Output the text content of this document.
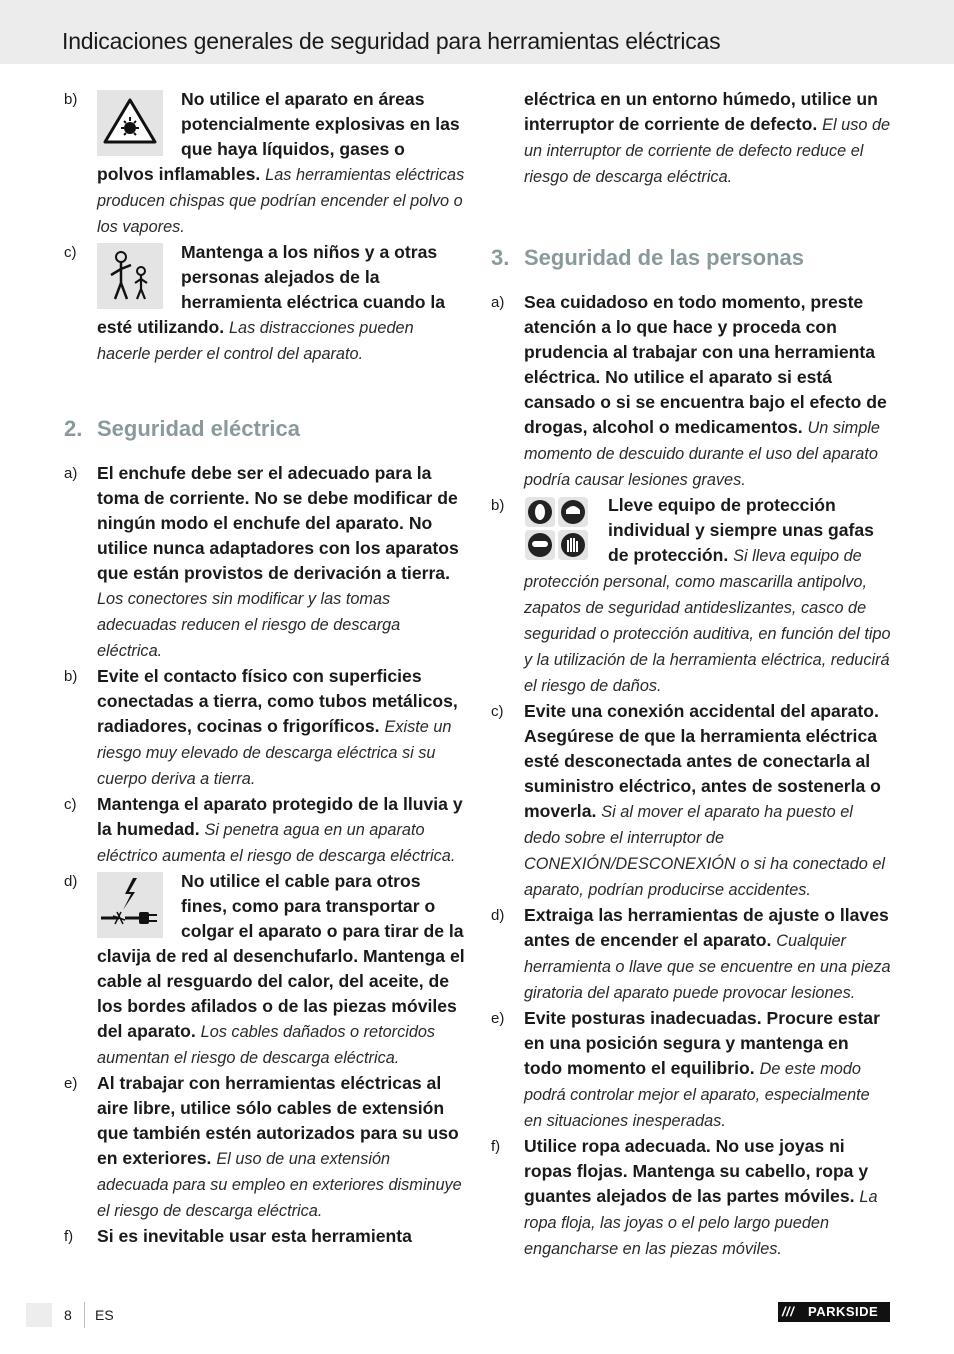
Indicaciones generales de seguridad para herramientas eléctricas
b)	No utilice el aparato en áreas potencialmente explosivas en las que haya líquidos, gases o polvos inflamables. Las herramientas eléctricas producen chispas que podrían encender el polvo o los vapores.
c)	Mantenga a los niños y a otras personas alejados de la herramienta eléctrica cuando la esté utilizando. Las distracciones pueden hacerle perder el control del aparato.
2. Seguridad eléctrica
a) El enchufe debe ser el adecuado para la toma de corriente. No se debe modificar de ningún modo el enchufe del aparato. No utilice nunca adaptadores con los aparatos que están provistos de derivación a tierra. Los conectores sin modificar y las tomas adecuadas reducen el riesgo de descarga eléctrica.
b) Evite el contacto físico con superficies conectadas a tierra, como tubos metálicos, radiadores, cocinas o frigoríficos. Existe un riesgo muy elevado de descarga eléctrica si su cuerpo deriva a tierra.
c) Mantenga el aparato protegido de la lluvia y la humedad. Si penetra agua en un aparato eléctrico aumenta el riesgo de descarga eléctrica.
d)	No utilice el cable para otros fines, como para transportar o colgar el aparato o para tirar de la clavija de red al desenchufarlo. Mantenga el cable al resguardo del calor, del aceite, de los bordes afilados o de las piezas móviles del aparato. Los cables dañados o retorcidos aumentan el riesgo de descarga eléctrica.
e) Al trabajar con herramientas eléctricas al aire libre, utilice sólo cables de extensión que también estén autorizados para su uso en exteriores. El uso de una extensión adecuada para su empleo en exteriores disminuye el riesgo de descarga eléctrica.
f) Si es inevitable usar esta herramienta
eléctrica en un entorno húmedo, utilice un interruptor de corriente de defecto. El uso de un interruptor de corriente de defecto reduce el riesgo de descarga eléctrica.
3. Seguridad de las personas
a) Sea cuidadoso en todo momento, preste atención a lo que hace y proceda con prudencia al trabajar con una herramienta eléctrica. No utilice el aparato si está cansado o si se encuentra bajo el efecto de drogas, alcohol o medicamentos. Un simple momento de descuido durante el uso del aparato podría causar lesiones graves.
b)	Lleve equipo de protección individual y siempre unas gafas de protección. Si lleva equipo de protección personal, como mascarilla antipolvo, zapatos de seguridad antideslizantes, casco de seguridad o protección auditiva, en función del tipo y la utilización de la herramienta eléctrica, reducirá el riesgo de daños.
c) Evite una conexión accidental del aparato. Asegúrese de que la herramienta eléctrica esté desconectada antes de conectarla al suministro eléctrico, antes de sostenerla o moverla. Si al mover el aparato ha puesto el dedo sobre el interruptor de CONEXIÓN/DESCONEXIÓN o si ha conectado el aparato, podrían producirse accidentes.
d) Extraiga las herramientas de ajuste o llaves antes de encender el aparato. Cualquier herramienta o llave que se encuentre en una pieza giratoria del aparato puede provocar lesiones.
e) Evite posturas inadecuadas. Procure estar en una posición segura y mantenga en todo momento el equilibrio. De este modo podrá controlar mejor el aparato, especialmente en situaciones inesperadas.
f) Utilice ropa adecuada. No use joyas ni ropas flojas. Mantenga su cabello, ropa y guantes alejados de las partes móviles. La ropa floja, las joyas o el pelo largo pueden engancharse en las piezas móviles.
8 ES	/// PARKSIDE
